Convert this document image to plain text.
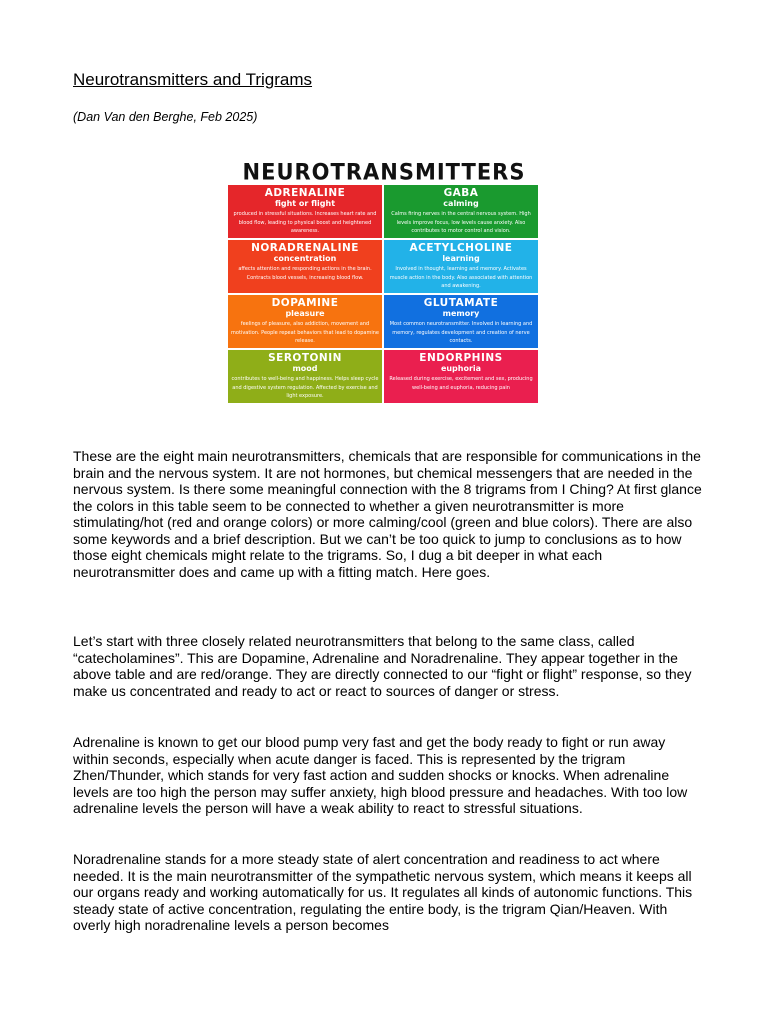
Neurotransmitters and Trigrams
(Dan Van den Berghe, Feb 2025)
NEUROTRANSMITTERS
ADRENALINE
fight or flight
produced in stressful situations. Increases heart rate and blood flow, leading to physical boost and heightened awareness.
GABA
calming
Calms firing nerves in the central nervous system. High levels improve focus, low levels cause anxiety. Also contributes to motor control and vision.
NORADRENALINE
concentration
affects attention and responding actions in the brain. Contracts blood vessels, increasing blood flow.
ACETYLCHOLINE
learning
Involved in thought, learning and memory. Activates muscle action in the body. Also associated with attention and awakening.
DOPAMINE
pleasure
feelings of pleasure, also addiction, movement and motivation. People repeat behaviors that lead to dopamine release.
GLUTAMATE
memory
Most common neurotransmitter. Involved in learning and memory, regulates development and creation of nerve contacts.
SEROTONIN
mood
contributes to well-being and happiness. Helps sleep cycle and digestive system regulation. Affected by exercise and light exposure.
ENDORPHINS
euphoria
Released during exercise, excitement and sex, producing well-being and euphoria, reducing pain

These are the eight main neurotransmitters, chemicals that are responsible for communications in the brain and the nervous system. It are not hormones, but chemical messengers that are needed in the nervous system. Is there some meaningful connection with the 8 trigrams from I Ching? At first glance the colors in this table seem to be connected to whether a given neurotransmitter is more stimulating/hot (red and orange colors) or more calming/cool (green and blue colors). There are also some keywords and a brief description. But we can’t be too quick to jump to conclusions as to how those eight chemicals might relate to the trigrams. So, I dug a bit deeper in what each neurotransmitter does and came up with a fitting match. Here goes.

Let’s start with three closely related neurotransmitters that belong to the same class, called “catecholamines”. This are Dopamine, Adrenaline and Noradrenaline. They appear together in the above table and are red/orange. They are directly connected to our “fight or flight” response, so they make us concentrated and ready to act or react to sources of danger or stress.

Adrenaline is known to get our blood pump very fast and get the body ready to fight or run away within seconds, especially when acute danger is faced. This is represented by the trigram Zhen/Thunder, which stands for very fast action and sudden shocks or knocks. When adrenaline levels are too high the person may suffer anxiety, high blood pressure and headaches. With too low adrenaline levels the person will have a weak ability to react to stressful situations.

Noradrenaline stands for a more steady state of alert concentration and readiness to act where needed. It is the main neurotransmitter of the sympathetic nervous system, which means it keeps all our organs ready and working automatically for us. It regulates all kinds of autonomic functions. This steady state of active concentration, regulating the entire body, is the trigram Qian/Heaven. With overly high noradrenaline levels a person becomes
